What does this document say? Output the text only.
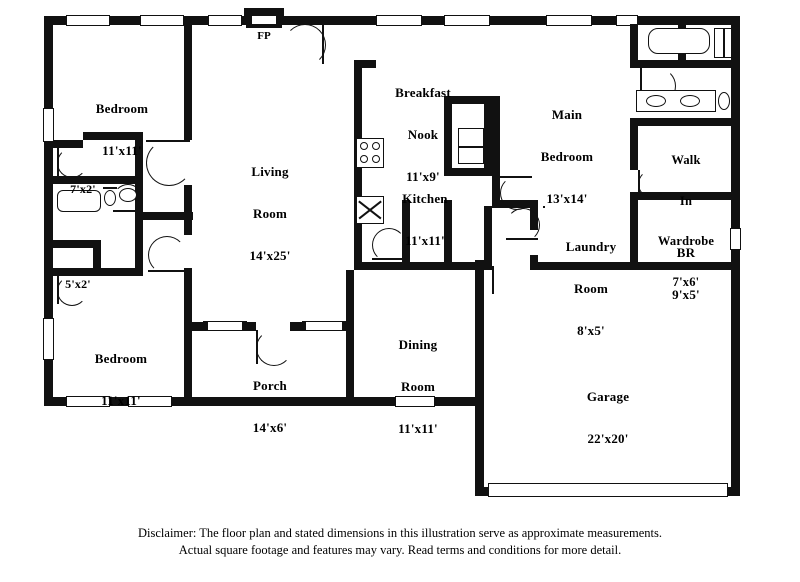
FP

Bedroom

11'x11'

7'x2'

5'x2'

Bedroom

11'x11'

Porch

14'x6'

Living

Room

14'x25'

Breakfast

Nook

11'x9'

Kitchen

11'x11'

Dining

Room

11'x11'

Main

Bedroom

13'x14'

Walk

In

Wardrobe

7'x6'

Laundry

Room

8'x5'

BR

9'x5'

Garage

22'x20'

Disclaimer: The floor plan and stated dimensions in this illustration serve as approximate measurements.
Actual square footage and features may vary. Read terms and conditions for more detail.
